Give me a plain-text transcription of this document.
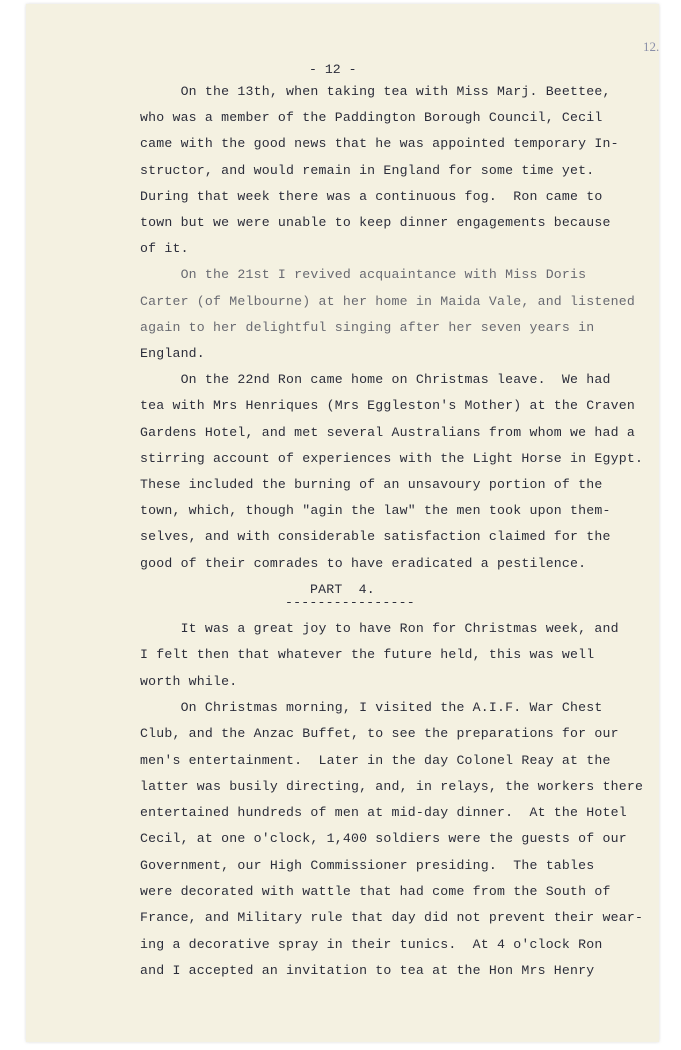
12.
- 12 -
On the 13th, when taking tea with Miss Marj. Beettee,
who was a member of the Paddington Borough Council, Cecil
came with the good news that he was appointed temporary In-
structor, and would remain in England for some time yet.
During that week there was a continuous fog.  Ron came to
town but we were unable to keep dinner engagements because
of it.
On the 21st I revived acquaintance with Miss Doris
Carter (of Melbourne) at her home in Maida Vale, and listened
again to her delightful singing after her seven years in
England.
On the 22nd Ron came home on Christmas leave.  We had
tea with Mrs Henriques (Mrs Eggleston's Mother) at the Craven
Gardens Hotel, and met several Australians from whom we had a
stirring account of experiences with the Light Horse in Egypt.
These included the burning of an unsavoury portion of the
town, which, though "agin the law" the men took upon them-
selves, and with considerable satisfaction claimed for the
good of their comrades to have eradicated a pestilence.
PART  4.
----------------
It was a great joy to have Ron for Christmas week, and
I felt then that whatever the future held, this was well
worth while.
On Christmas morning, I visited the A.I.F. War Chest
Club, and the Anzac Buffet, to see the preparations for our
men's entertainment.  Later in the day Colonel Reay at the
latter was busily directing, and, in relays, the workers there
entertained hundreds of men at mid-day dinner.  At the Hotel
Cecil, at one o'clock, 1,400 soldiers were the guests of our
Government, our High Commissioner presiding.  The tables
were decorated with wattle that had come from the South of
France, and Military rule that day did not prevent their wear-
ing a decorative spray in their tunics.  At 4 o'clock Ron
and I accepted an invitation to tea at the Hon Mrs Henry
